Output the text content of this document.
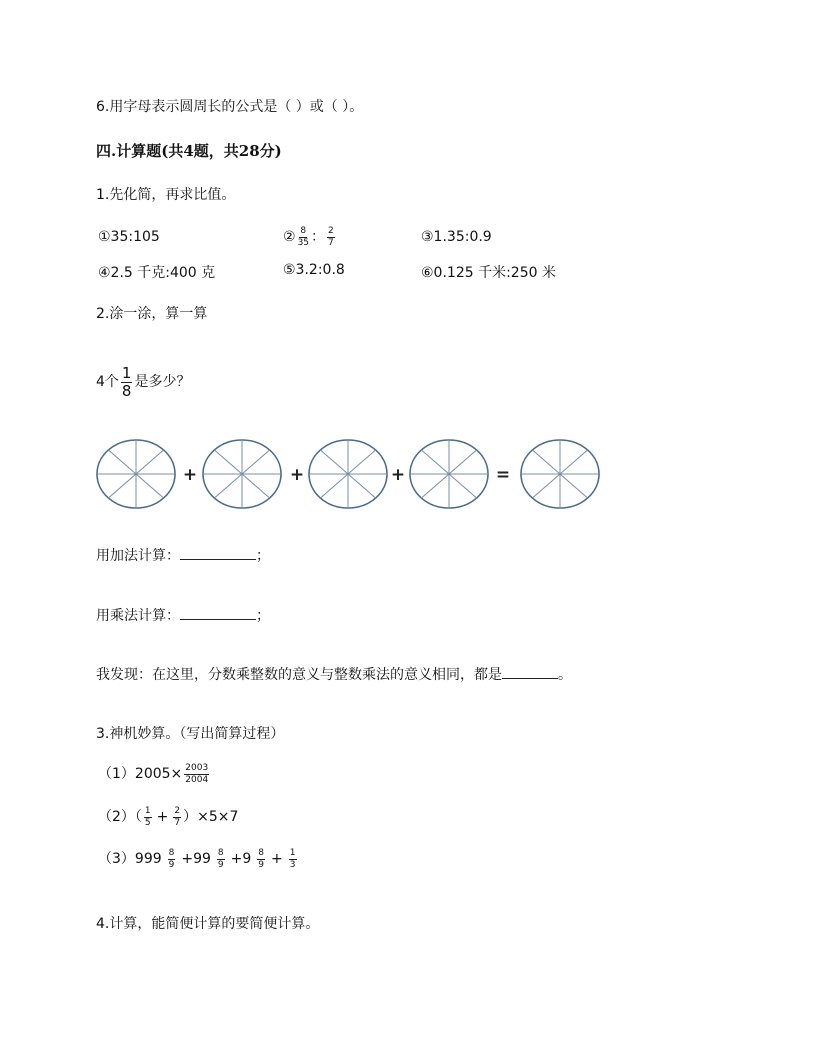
6.用字母表示圆周长的公式是（ ）或（ ）。
四.计算题(共4题，共28分)
1.先化简，再求比值。
①35:105	② $\frac{8}{35}$ ： $\frac{2}{7}$	③1.35:0.9
④2.5 千克:400 克	⑤3.2:0.8	⑥0.125 千米:250 米
2.涂一涂，算一算
4个 $\frac{1}{8}$ 是多少？
+	+	+	=
用加法计算：	；
用乘法计算：	；
我发现：在这里，分数乘整数的意义与整数乘法的意义相同，都是	。
3.神机妙算。（写出简算过程）
$(1)2005\times \frac{2003}{2004}$
$(2)( \frac{1}{5} + \frac{2}{7} )\times 5\times 7$
$(3)999 \frac{8}{9} +99 \frac{8}{9} +9 \frac{8}{9} + \frac{1}{3}$
4.计算，能简便计算的要简便计算。
